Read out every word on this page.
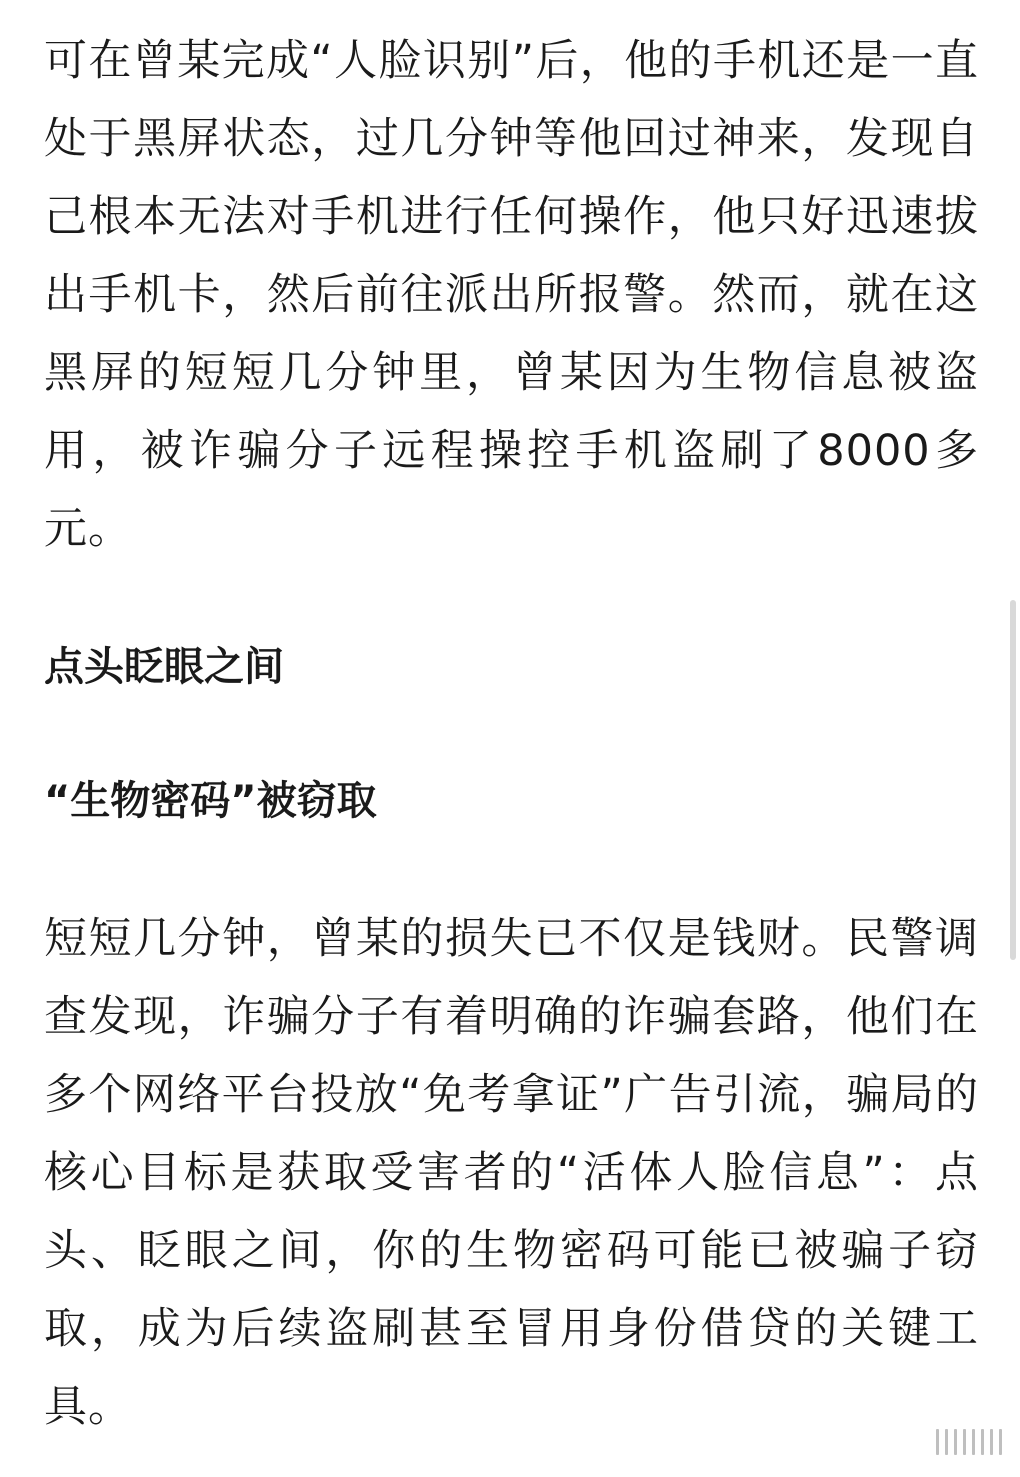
可在曾某完成“人脸识别”后，他的手机还是一直处于黑屏状态，过几分钟等他回过神来，发现自己根本无法对手机进行任何操作，他只好迅速拔出手机卡，然后前往派出所报警。然而，就在这黑屏的短短几分钟里，曾某因为生物信息被盗用，被诈骗分子远程操控手机盗刷了8000多元。

点头眨眼之间
“生物密码”被窃取

短短几分钟，曾某的损失已不仅是钱财。民警调查发现，诈骗分子有着明确的诈骗套路，他们在多个网络平台投放“免考拿证”广告引流，骗局的核心目标是获取受害者的“活体人脸信息”：点头、眨眼之间，你的生物密码可能已被骗子窃取，成为后续盗刷甚至冒用身份借贷的关键工具。
